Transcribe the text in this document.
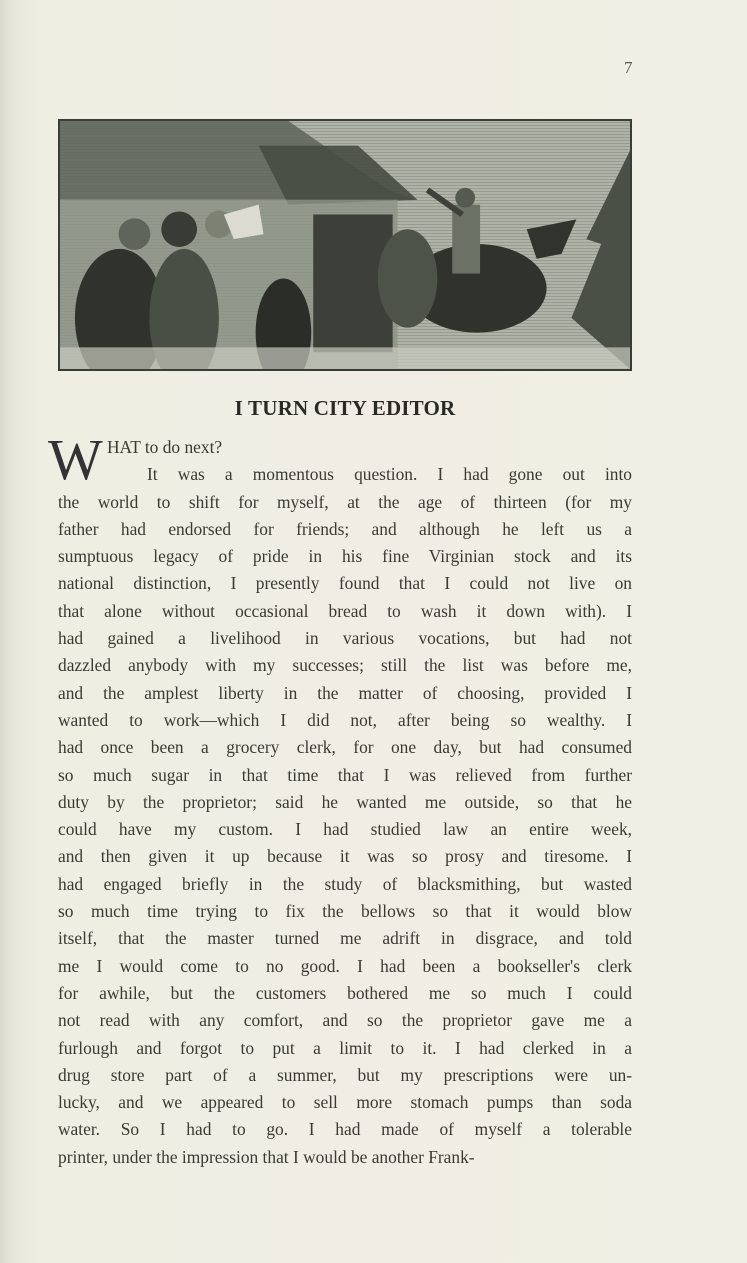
7
I TURN CITY EDITOR
W HAT to do next?
It was a momentous question. I had gone out into
the world to shift for myself, at the age of thirteen (for my
father had endorsed for friends; and although he left us a
sumptuous legacy of pride in his fine Virginian stock and its
national distinction, I presently found that I could not live on
that alone without occasional bread to wash it down with). I
had gained a livelihood in various vocations, but had not
dazzled anybody with my successes; still the list was before me,
and the amplest liberty in the matter of choosing, provided I
wanted to work—which I did not, after being so wealthy. I
had once been a grocery clerk, for one day, but had consumed
so much sugar in that time that I was relieved from further
duty by the proprietor; said he wanted me outside, so that he
could have my custom. I had studied law an entire week,
and then given it up because it was so prosy and tiresome. I
had engaged briefly in the study of blacksmithing, but wasted
so much time trying to fix the bellows so that it would blow
itself, that the master turned me adrift in disgrace, and told
me I would come to no good. I had been a bookseller's clerk
for awhile, but the customers bothered me so much I could
not read with any comfort, and so the proprietor gave me a
furlough and forgot to put a limit to it. I had clerked in a
drug store part of a summer, but my prescriptions were un-
lucky, and we appeared to sell more stomach pumps than soda
water. So I had to go. I had made of myself a tolerable
printer, under the impression that I would be another Frank-
